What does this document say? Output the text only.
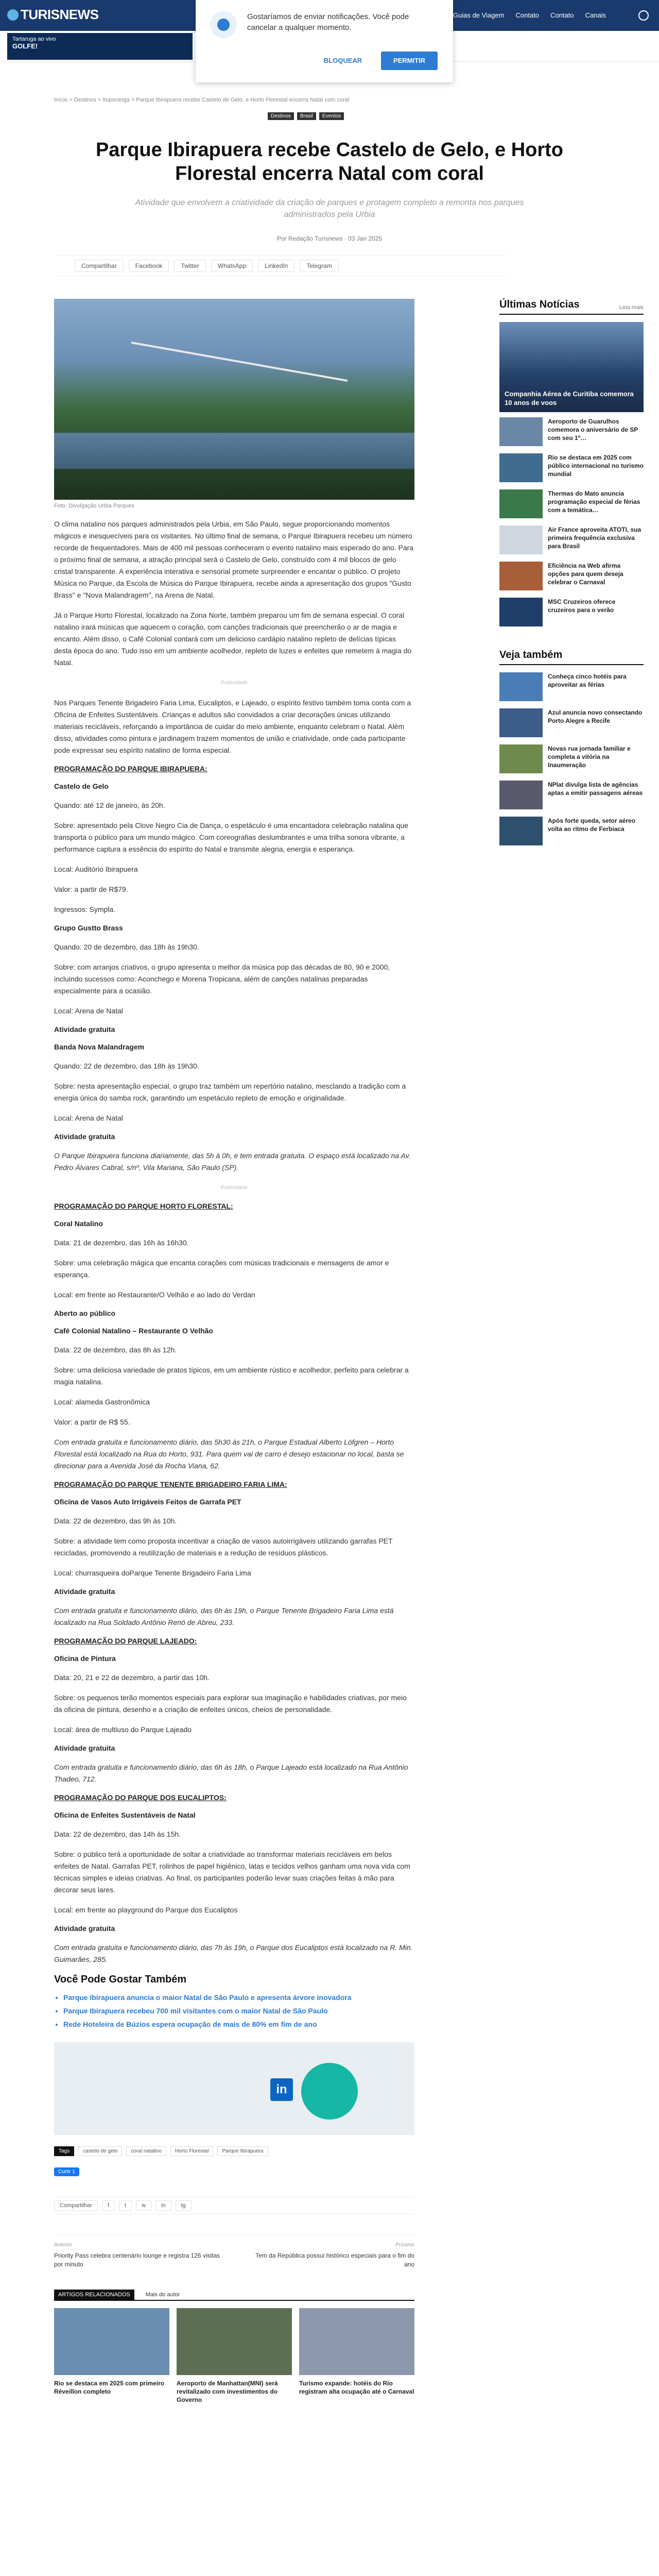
TURISNEWS	Guias de Viagem Contato Contato Canais
Tartaruga ao vivo
GOLFE!

Gostaríamos de enviar notificações. Você pode cancelar a qualquer momento.

BLOQUEAR	PERMITIR
Início > Destinos > Ituporanga > Parque Ibirapuera recebe Castelo de Gelo, e Horto Florestal encerra Natal com coral
Destinos	Brasil	Eventos
Parque Ibirapuera recebe Castelo de Gelo, e Horto Florestal encerra Natal com coral
Atividade que envolvem a criatividade da criação de parques e protagem completo a remonta nos parques administrados pela Urbia
Por Redação Turisnews · 03 Jan 2025
Compartilhar	Facebook	Twitter	WhatsApp	LinkedIn	Telegram
Foto: Divulgação Urbia Parques

O clima natalino nos parques administrados pela Urbia, em São Paulo, segue proporcionando momentos mágicos e inesquecíveis para os visitantes. No último final de semana, o Parque Ibirapuera recebeu um número recorde de frequentadores. Mais de 400 mil pessoas conheceram o evento natalino mais esperado do ano. Para o próximo final de semana, a atração principal será o Castelo de Gelo, construído com 4 mil blocos de gelo cristal transparente. A experiência interativa e sensorial promete surpreender e encantar o público. O projeto Música no Parque, da Escola de Música do Parque Ibirapuera, recebe ainda a apresentação dos grupos "Gusto Brass" e "Nova Malandragem", na Arena de Natal.

Já o Parque Horto Florestal, localizado na Zona Norte, também preparou um fim de semana especial. O coral natalino irará músicas que aquecem o coração, com canções tradicionais que preencherão o ar de magia e encanto. Além disso, o Café Colonial contará com um delicioso cardápio natalino repleto de delícias típicas desta época do ano. Tudo isso em um ambiente acolhedor, repleto de luzes e enfeites que remetem à magia do Natal.

Publicidade

Nos Parques Tenente Brigadeiro Faria Lima, Eucaliptos, e Lajeado, o espírito festivo também toma conta com a Oficina de Enfeites Sustentáveis. Crianças e adultos são convidados a criar decorações únicas utilizando materiais recicláveis, reforçando a importância de cuidar do meio ambiente, enquanto celebram o Natal. Além disso, atividades como pintura e jardinagem trazem momentos de união e criatividade, onde cada participante pode expressar seu espírito natalino de forma especial.

PROGRAMAÇÃO DO PARQUE IBIRAPUERA:
Castelo de Gelo

Quando: até 12 de janeiro, às 20h.

Sobre: apresentado pela Clove Negro Cia de Dança, o espetáculo é uma encantadora celebração natalina que transporta o público para um mundo mágico. Com coreografias deslumbrantes e uma trilha sonora vibrante, a performance captura a essência do espírito do Natal e transmite alegria, energia e esperança.

Local: Auditório Ibirapuera

Valor: a partir de R$79.

Ingressos: Sympla.

Grupo Gustto Brass

Quando: 20 de dezembro, das 18h às 19h30.

Sobre: com arranjos criativos, o grupo apresenta o melhor da música pop das décadas de 80, 90 e 2000, incluindo sucessos como: Aconchego e Morena Tropicana, além de canções natalinas preparadas especialmente para a ocasião.

Local: Arena de Natal

Atividade gratuita
Banda Nova Malandragem

Quando: 22 de dezembro, das 18h às 19h30.

Sobre: nesta apresentação especial, o grupo traz também um repertório natalino, mesclando a tradição com a energia única do samba rock, garantindo um espetáculo repleto de emoção e originalidade.

Local: Arena de Natal

Atividade gratuita

O Parque Ibirapuera funciona diariamente, das 5h à 0h, e tem entrada gratuita. O espaço está localizado na Av. Pedro Álvares Cabral, s/nº, Vila Mariana, São Paulo (SP).

Publicidade

PROGRAMAÇÃO DO PARQUE HORTO FLORESTAL:
Coral Natalino

Data: 21 de dezembro, das 16h às 16h30.

Sobre: uma celebração mágica que encanta corações com músicas tradicionais e mensagens de amor e esperança.

Local: em frente ao Restaurante/O Velhão e ao lado do Verdan

Aberto ao público
Café Colonial Natalino – Restaurante O Velhão

Data: 22 de dezembro, das 8h às 12h.

Sobre: uma deliciosa variedade de pratos típicos, em um ambiente rústico e acolhedor, perfeito para celebrar a magia natalina.

Local: alameda Gastronômica

Valor: a partir de R$ 55.

Com entrada gratuita e funcionamento diário, das 5h30 às 21h, o Parque Estadual Alberto Löfgren – Horto Florestal está localizado na Rua do Horto, 931. Para quem vai de carro é desejo estacionar no local, basta se direcionar para a Avenida José da Rocha Viana, 62.

PROGRAMAÇÃO DO PARQUE TENENTE BRIGADEIRO FARIA LIMA:
Oficina de Vasos Auto Irrigáveis Feitos de Garrafa PET

Data: 22 de dezembro, das 9h às 10h.

Sobre: a atividade tem como proposta incentivar a criação de vasos autoirrigáveis utilizando garrafas PET recicladas, promovendo a reutilização de materiais e a redução de resíduos plásticos.

Local: churrasqueira doParque Tenente Brigadeiro Faria Lima

Atividade gratuita

Com entrada gratuita e funcionamento diário, das 6h às 19h, o Parque Tenente Brigadeiro Faria Lima está localizado na Rua Soldado Antônio Renó de Abreu, 233.

PROGRAMAÇÃO DO PARQUE LAJEADO:
Oficina de Pintura

Data: 20, 21 e 22 de dezembro, a partir das 10h.

Sobre: os pequenos terão momentos especiais para explorar sua imaginação e habilidades criativas, por meio da oficina de pintura, desenho e a criação de enfeites únicos, cheios de personalidade.

Local: área de multiuso do Parque Lajeado

Atividade gratuita

Com entrada gratuita e funcionamento diário, das 6h às 18h, o Parque Lajeado está localizado na Rua Antônio Thadeo, 712.

PROGRAMAÇÃO DO PARQUE DOS EUCALIPTOS:
Oficina de Enfeites Sustentáveis de Natal

Data: 22 de dezembro, das 14h às 15h.

Sobre: o público terá a oportunidade de soltar a criatividade ao transformar materiais recicláveis em belos enfeites de Natal. Garrafas PET, rolinhos de papel higiênico, latas e tecidos velhos ganham uma nova vida com técnicas simples e ideias criativas. Ao final, os participantes poderão levar suas criações feitas à mão para decorar seus lares.

Local: em frente ao playground do Parque dos Eucaliptos

Atividade gratuita

Com entrada gratuita e funcionamento diário, das 7h às 19h, o Parque dos Eucaliptos está localizado na R. Min. Guimarães, 285.

Você Pode Gostar Também
• Parque Ibirapuera anuncia o maior Natal de São Paulo e apresenta árvore inovadora
• Parque Ibirapuera recebeu 700 mil visitantes com o maior Natal de São Paulo
• Rede Hoteleira de Búzios espera ocupação de mais de 80% em fim de ano
in
Tags	castelo de gelo	coral natalino	Horto Florestal	Parque Ibirapuera
Curtir 1
Compartilhar	f	t	w	in	tg
Anterior
Priority Pass celebra centenário lounge e registra 126 visitas por minuto
Próximo
Tem da República possui histórico especiais para o fim do ano
ARTIGOS RELACIONADOS	Mais do autor

Rio se destaca em 2025 com primeiro Réveillon completo

Aeroporto de Manhattan(MNI) será revitalizado com investimentos do Governo

Turismo expande: hotéis do Rio registram alta ocupação até o Carnaval

Últimas Notícias	Leia mais
Companhia Aérea de Curitiba comemora 10 anos de voos

Aeroporto de Guarulhos comemora o aniversário de SP com seu 1º…

Rio se destaca em 2025 com público internacional no turismo mundial

Thermas do Mato anuncia programação especial de férias com a temática…

Air France aproveita ATOTI, sua primeira frequência exclusiva para Brasil

Eficiência na Web afirma opções para quem deseja celebrar o Carnaval

MSC Cruzeiros oferece cruzeiros para o verão

Veja também

Conheça cinco hotéis para aproveitar as férias

Azul anuncia novo consectando Porto Alegre a Recife

Novas rua jornada familiar e completa a vitória na Inaumeração

NPlat divulga lista de agências aptas a emitir passagens aéreas

Após forte queda, setor aéreo volta ao ritmo de Ferbiaca
